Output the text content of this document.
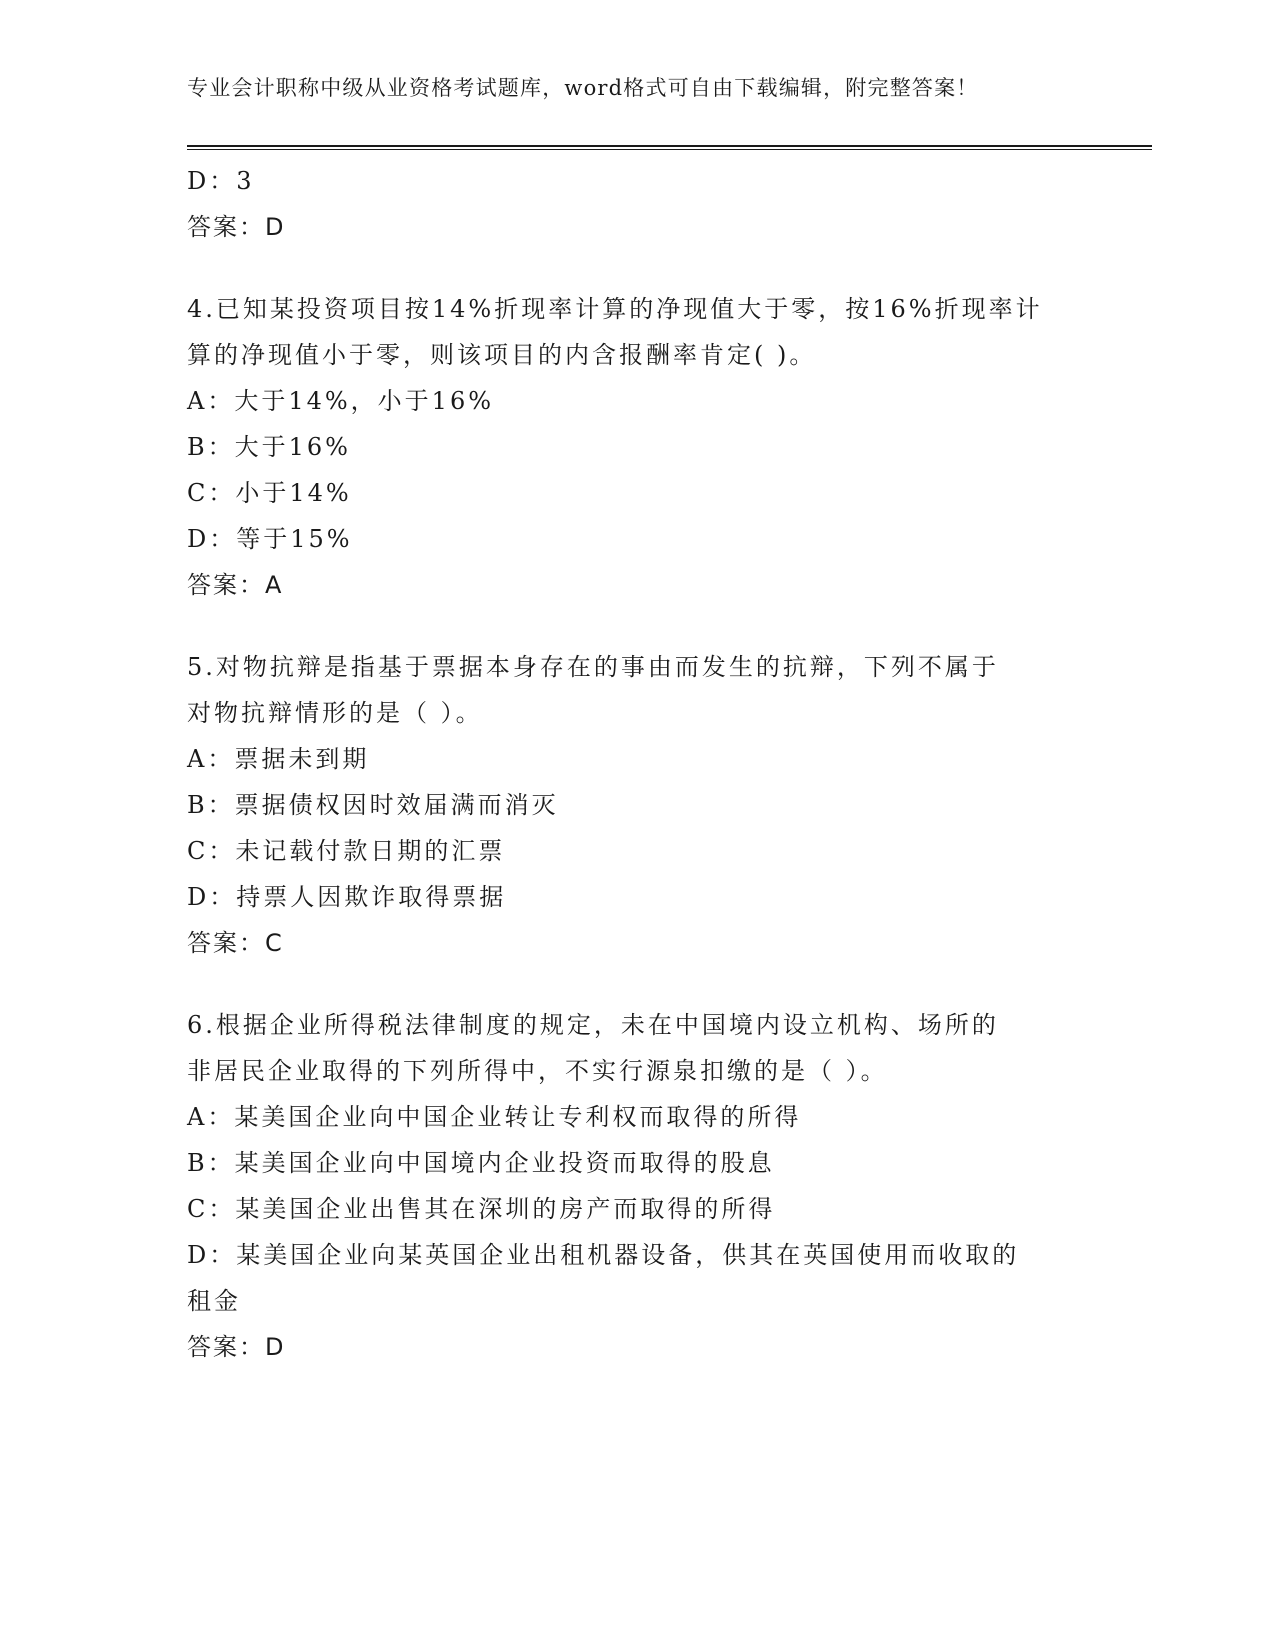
专业会计职称中级从业资格考试题库，word格式可自由下载编辑，附完整答案！
D：3
答案：D
4.已知某投资项目按14%折现率计算的净现值大于零，按16%折现率计
算的净现值小于零，则该项目的内含报酬率肯定( )。
A：大于14%，小于16%
B：大于16%
C：小于14%
D：等于15%
答案：A
5.对物抗辩是指基于票据本身存在的事由而发生的抗辩，下列不属于
对物抗辩情形的是（ ）。
A：票据未到期
B：票据债权因时效届满而消灭
C：未记载付款日期的汇票
D：持票人因欺诈取得票据
答案：C
6.根据企业所得税法律制度的规定，未在中国境内设立机构、场所的
非居民企业取得的下列所得中，不实行源泉扣缴的是（ ）。
A：某美国企业向中国企业转让专利权而取得的所得
B：某美国企业向中国境内企业投资而取得的股息
C：某美国企业出售其在深圳的房产而取得的所得
D：某美国企业向某英国企业出租机器设备，供其在英国使用而收取的
租金
答案：D
